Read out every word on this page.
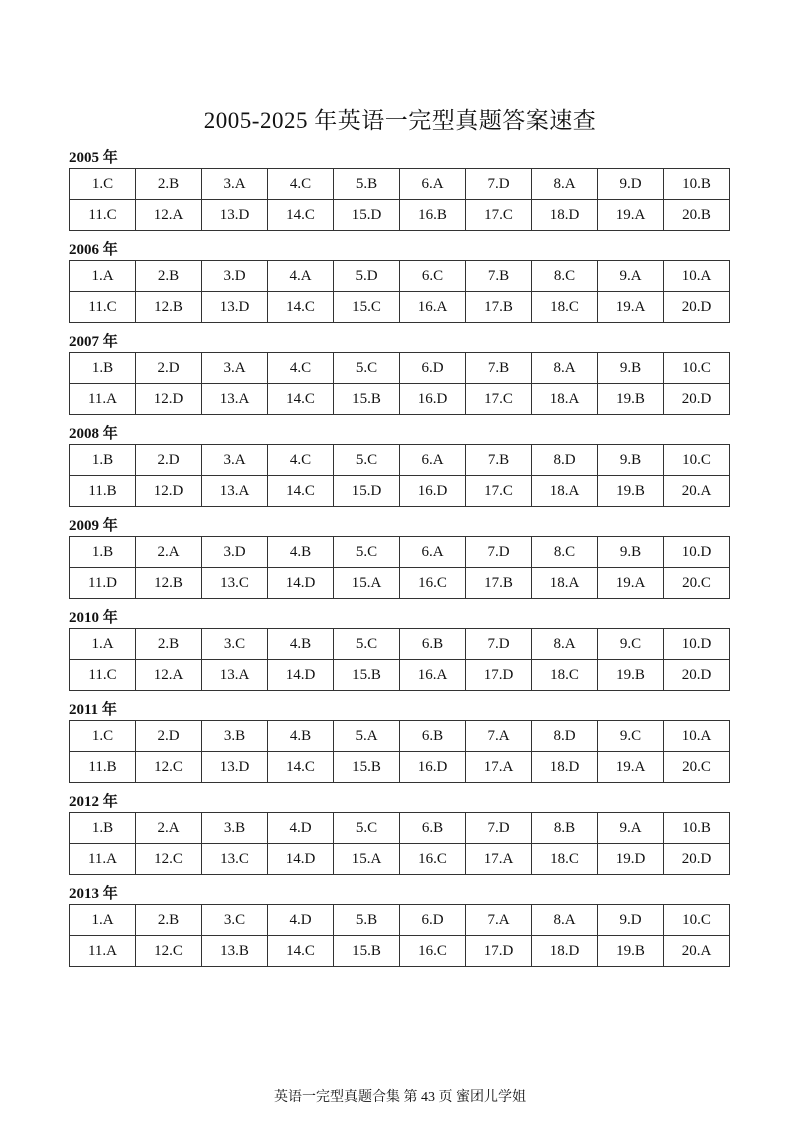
2005-2025 年英语一完型真题答案速查
2005 年
1.C	2.B	3.A	4.C	5.B	6.A	7.D	8.A	9.D	10.B
11.C	12.A	13.D	14.C	15.D	16.B	17.C	18.D	19.A	20.B
2006 年
1.A	2.B	3.D	4.A	5.D	6.C	7.B	8.C	9.A	10.A
11.C	12.B	13.D	14.C	15.C	16.A	17.B	18.C	19.A	20.D
2007 年
1.B	2.D	3.A	4.C	5.C	6.D	7.B	8.A	9.B	10.C
11.A	12.D	13.A	14.C	15.B	16.D	17.C	18.A	19.B	20.D
2008 年
1.B	2.D	3.A	4.C	5.C	6.A	7.B	8.D	9.B	10.C
11.B	12.D	13.A	14.C	15.D	16.D	17.C	18.A	19.B	20.A
2009 年
1.B	2.A	3.D	4.B	5.C	6.A	7.D	8.C	9.B	10.D
11.D	12.B	13.C	14.D	15.A	16.C	17.B	18.A	19.A	20.C
2010 年
1.A	2.B	3.C	4.B	5.C	6.B	7.D	8.A	9.C	10.D
11.C	12.A	13.A	14.D	15.B	16.A	17.D	18.C	19.B	20.D
2011 年
1.C	2.D	3.B	4.B	5.A	6.B	7.A	8.D	9.C	10.A
11.B	12.C	13.D	14.C	15.B	16.D	17.A	18.D	19.A	20.C
2012 年
1.B	2.A	3.B	4.D	5.C	6.B	7.D	8.B	9.A	10.B
11.A	12.C	13.C	14.D	15.A	16.C	17.A	18.C	19.D	20.D
2013 年
1.A	2.B	3.C	4.D	5.B	6.D	7.A	8.A	9.D	10.C
11.A	12.C	13.B	14.C	15.B	16.C	17.D	18.D	19.B	20.A
英语一完型真题合集 第 43 页 蜜团儿学姐
